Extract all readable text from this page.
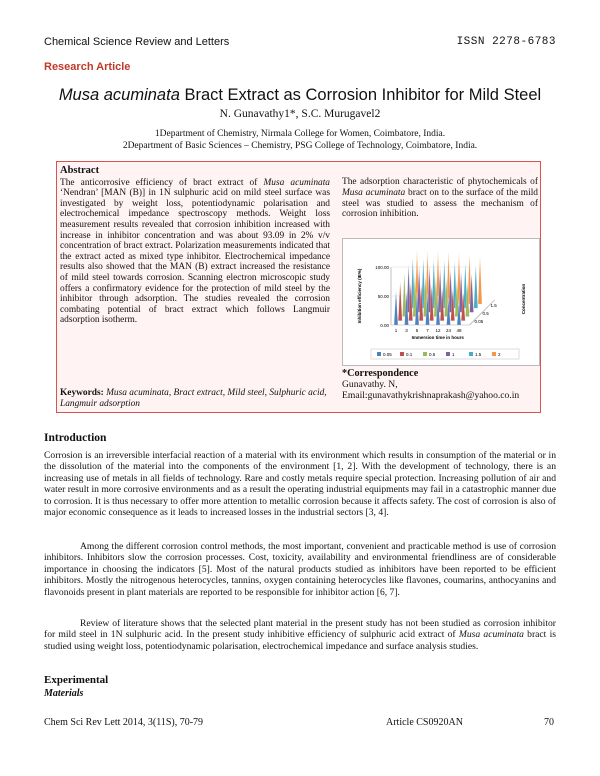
Chemical Science Review and Letters	ISSN 2278-6783
Research Article
Musa acuminata Bract Extract as Corrosion Inhibitor for Mild Steel
N. Gunavathy1*, S.C. Murugavel2
1Department of Chemistry, Nirmala College for Women, Coimbatore, India.
2Department of Basic Sciences – Chemistry, PSG College of Technology, Coimbatore, India.
Abstract
The anticorrosive efficiency of bract extract of Musa acuminata ‘Nendran’ [MAN (B)] in 1N sulphuric acid on mild steel surface was investigated by weight loss, potentiodynamic polarisation and electrochemical impedance spectroscopy methods. Weight loss measurement results revealed that corrosion inhibition increased with increase in inhibitor concentration and was about 93.09 in 2% v/v concentration of bract extract. Polarization measurements indicated that the extract acted as mixed type inhibitor. Electrochemical impedance results also showed that the MAN (B) extract increased the resistance of mild steel towards corrosion. Scanning electron microscopic study offers a confirmatory evidence for the protection of mild steel by the inhibitor through adsorption. The studies revealed the corrosion combating potential of bract extract which follows Langmuir adsorption isotherm.
Keywords: Musa acuminata, Bract extract, Mild steel, Sulphuric acid, Langmuir adsorption
The adsorption characteristic of phytochemicals of Musa acuminata bract on to the surface of the mild steel was studied to assess the mechanism of corrosion inhibition.
0.00
50.00
100.00
1 3 5 7 12 24 48
0.05
0.5
1.5
Inhibition efficiency (IE%)
Immersion time in hours
Concentration
0.05	0.1	0.5	1	1.5	2
*Correspondence
Gunavathy. N,
Email:gunavathykrishnaprakash@yahoo.co.in
Introduction
Corrosion is an irreversible interfacial reaction of a material with its environment which results in consumption of the material or in the dissolution of the material into the components of the environment [1, 2]. With the development of technology, there is an increasing use of metals in all fields of technology. Rare and costly metals require special protection. Increasing pollution of air and water result in more corrosive environments and as a result the operating industrial equipments may fail in a catastrophic manner due to corrosion. It is thus necessary to offer more attention to metallic corrosion because it affects safety. The cost of corrosion is also of major economic consequence as it leads to increased losses in the industrial sectors [3, 4].
Among the different corrosion control methods, the most important, convenient and practicable method is use of corrosion inhibitors. Inhibitors slow the corrosion processes. Cost, toxicity, availability and environmental friendliness are of considerable importance in choosing the indicators [5]. Most of the natural products studied as inhibitors have been reported to be efficient inhibitors. Mostly the nitrogenous heterocycles, tannins, oxygen containing heterocycles like flavones, coumarins, anthocyanins and flavonoids present in plant materials are reported to be responsible for inhibitor action [6, 7].
Review of literature shows that the selected plant material in the present study has not been studied as corrosion inhibitor for mild steel in 1N sulphuric acid. In the present study inhibitive efficiency of sulphuric acid extract of Musa acuminata bract is studied using weight loss, potentiodynamic polarisation, electrochemical impedance and surface analysis studies.
Experimental
Materials
Chem Sci Rev Lett 2014, 3(11S), 70-79	Article CS0920AN	70
